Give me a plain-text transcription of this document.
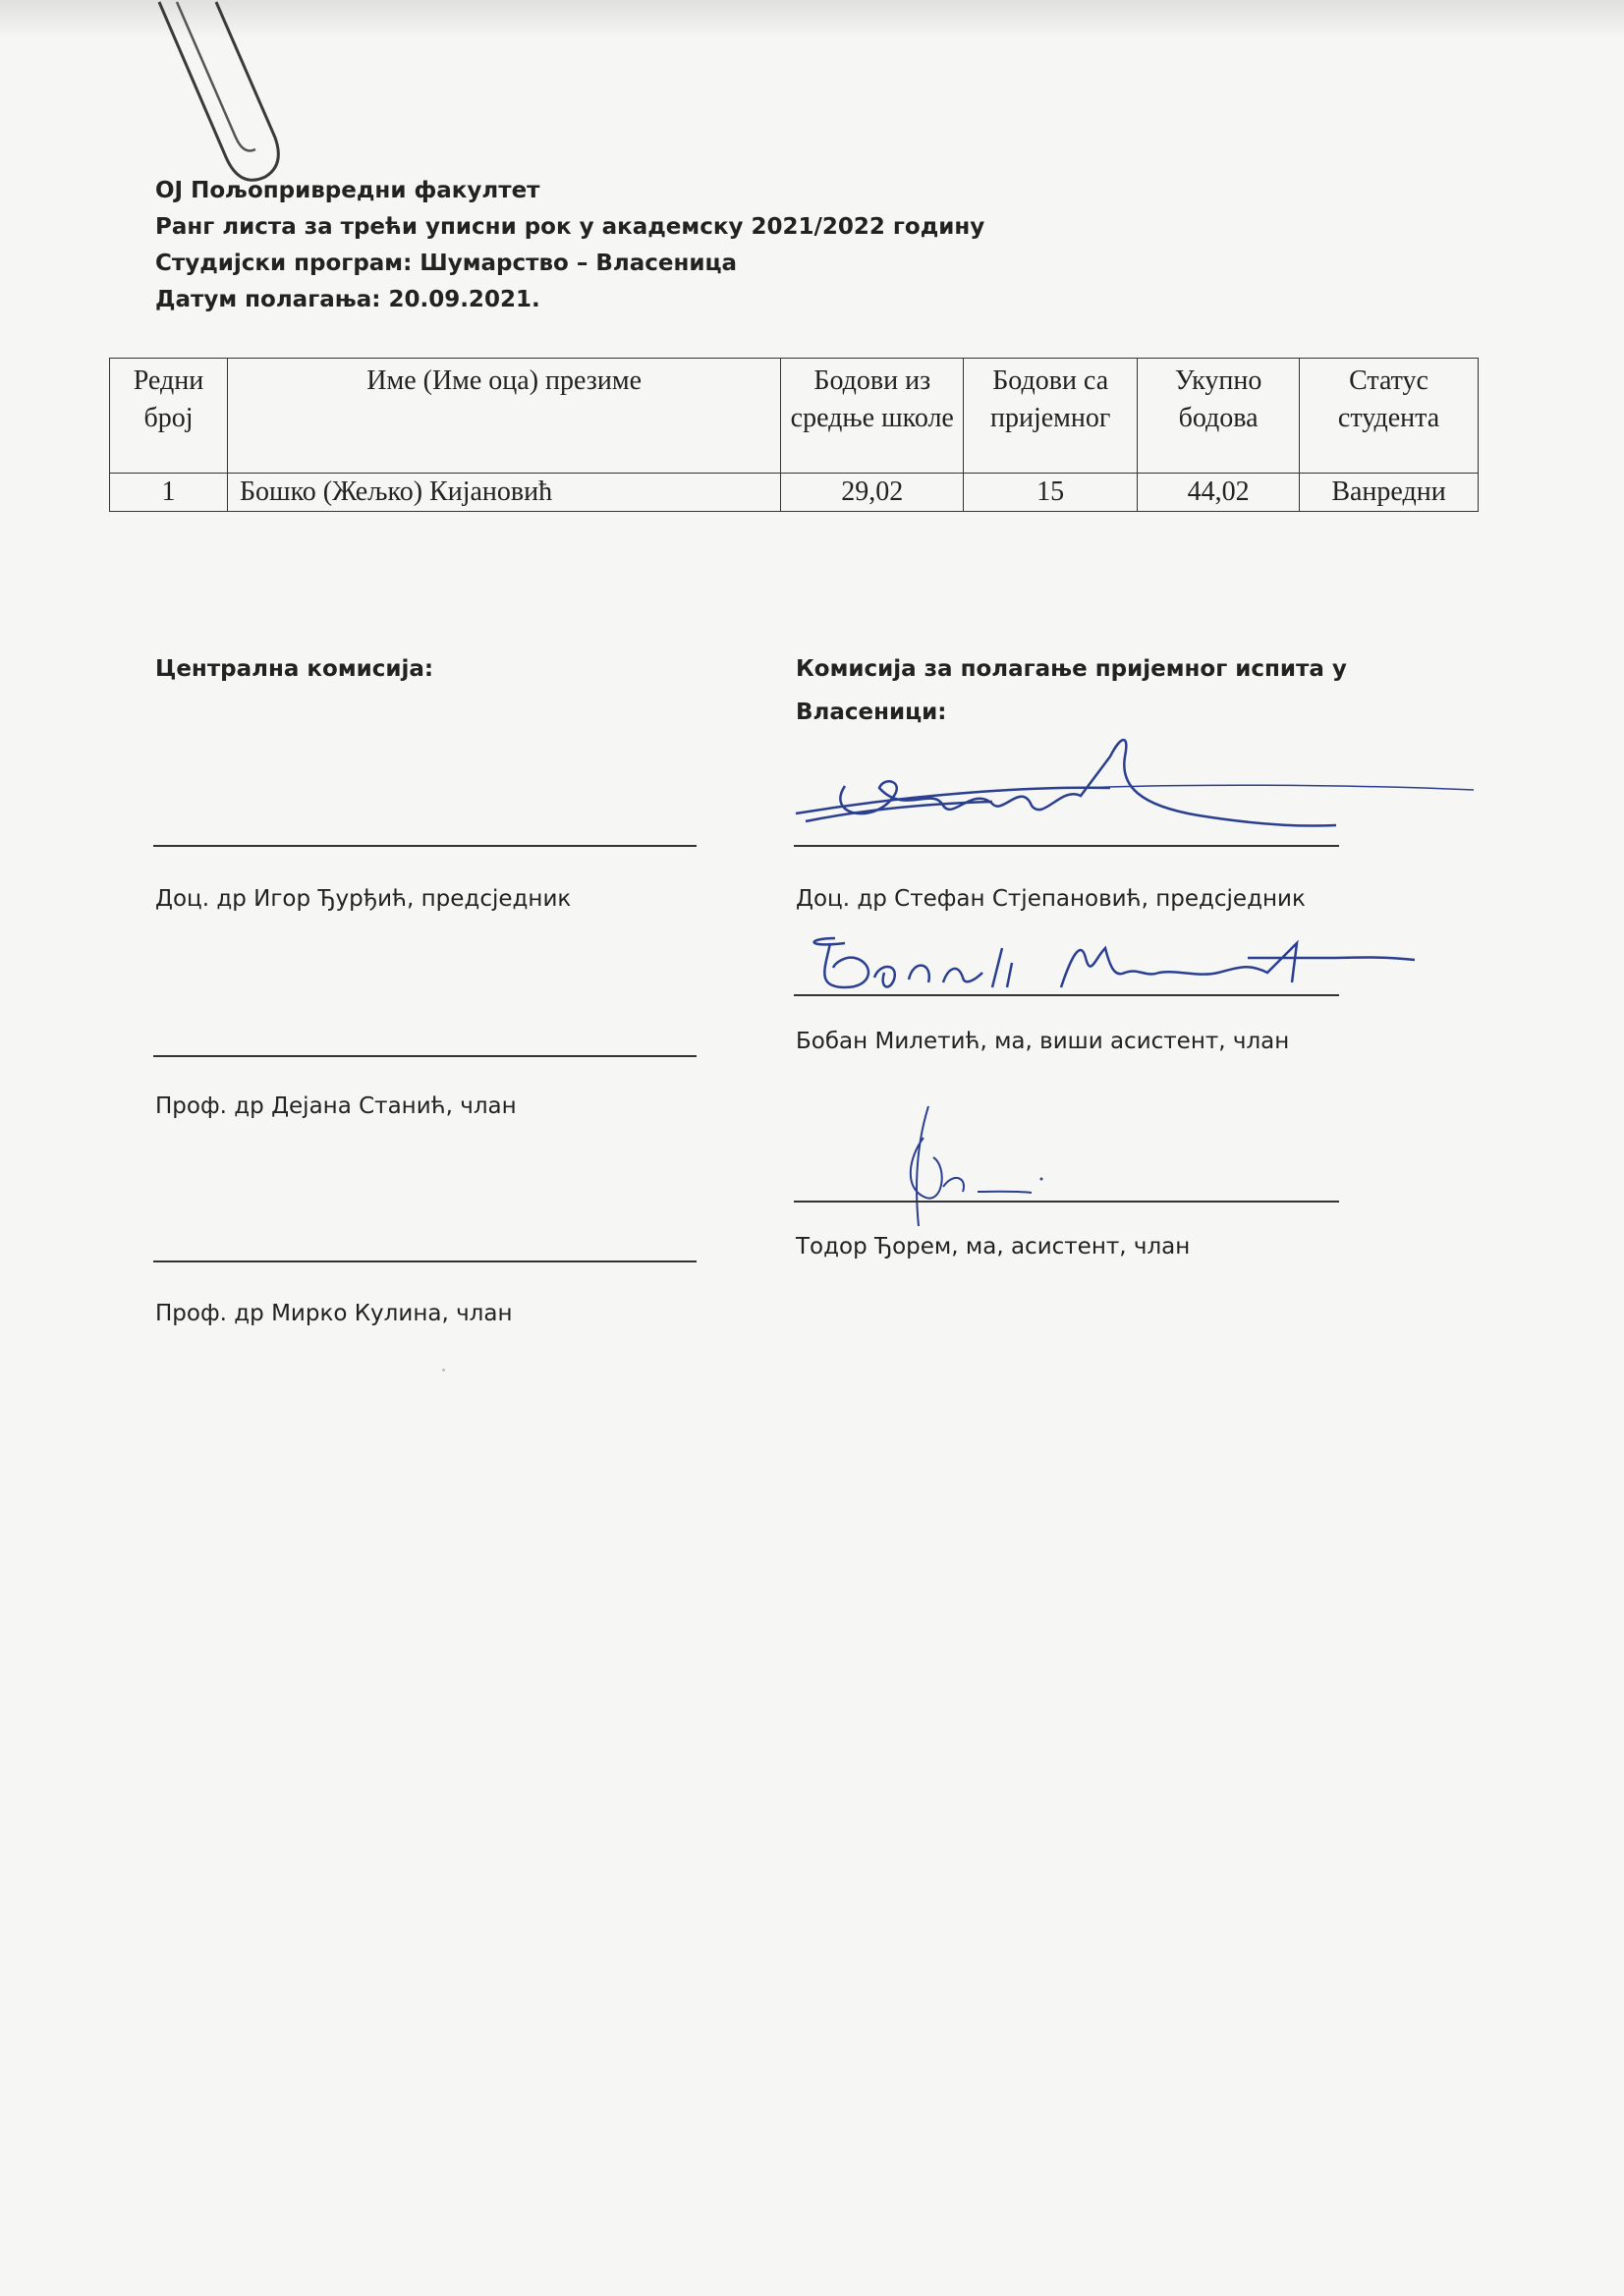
ОЈ Пољопривредни факултет
Ранг листа за трећи уписни рок у академску 2021/2022 годину
Студијски програм: Шумарство – Власеница
Датум полагања: 20.09.2021.
Редни број	Име (Име оца) презиме	Бодови из средње школе	Бодови са пријемног	Укупно бодова	Статус студента
1	Бошко (Жељко) Кијановић	29,02	15	44,02	Ванредни
Централна комисија:
Доц. др Игор Ђурђић, предсједник
Проф. др Дејана Станић, члан
Проф. др Мирко Кулина, члан
Комисија за полагање пријемног испита у
Власеници:
Доц. др Стефан Стјепановић, предсједник
Бобан Милетић, ма, виши асистент, члан
Тодор Ђорем, ма, асистент, члан
